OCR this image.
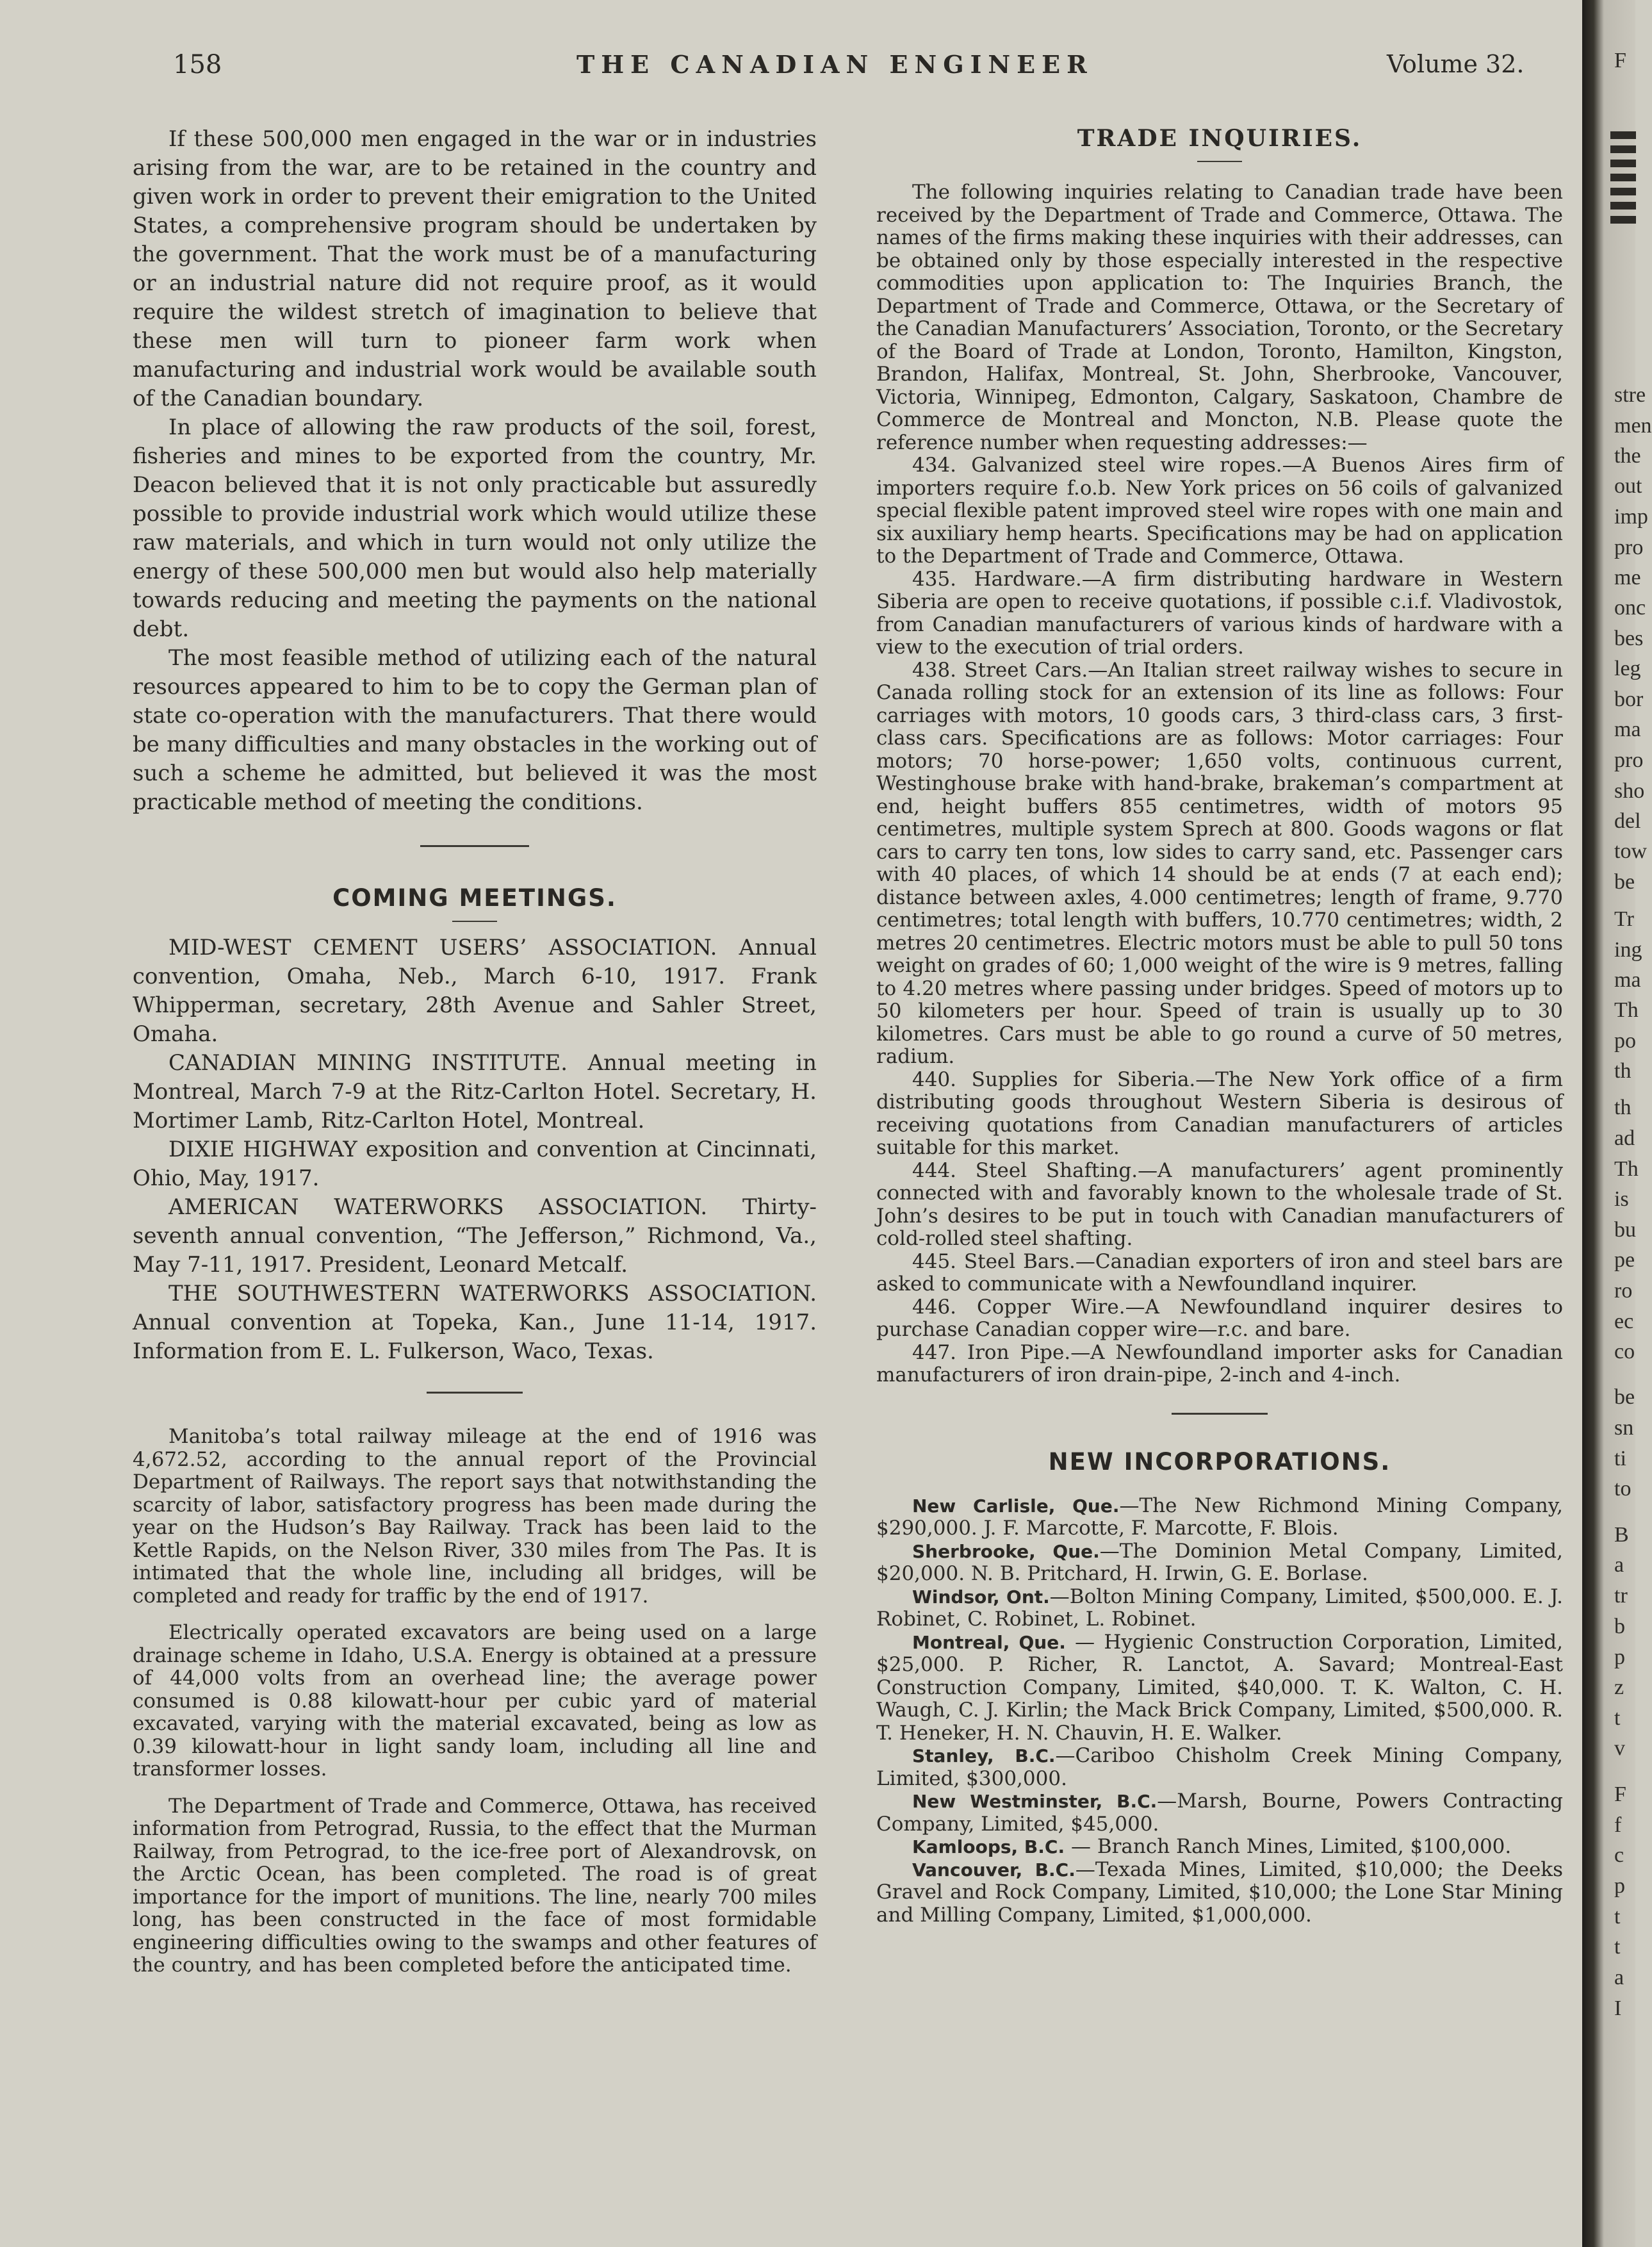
158	THE CANADIAN ENGINEER	Volume 32.

If these 500,000 men engaged in the war or in industries arising from the war, are to be retained in the country and given work in order to prevent their emigration to the United States, a comprehensive program should be undertaken by the government. That the work must be of a manufacturing or an industrial nature did not require proof, as it would require the wildest stretch of imagination to believe that these men will turn to pioneer farm work when manufacturing and industrial work would be available south of the Canadian boundary.

In place of allowing the raw products of the soil, forest, fisheries and mines to be exported from the country, Mr. Deacon believed that it is not only practicable but assuredly possible to provide industrial work which would utilize these raw materials, and which in turn would not only utilize the energy of these 500,000 men but would also help materially towards reducing and meeting the payments on the national debt.

The most feasible method of utilizing each of the natural resources appeared to him to be to copy the German plan of state co-operation with the manufacturers. That there would be many difficulties and many obstacles in the working out of such a scheme he admitted, but believed it was the most practicable method of meeting the conditions.

COMING MEETINGS.

MID-WEST CEMENT USERS’ ASSOCIATION. Annual convention, Omaha, Neb., March 6-10, 1917. Frank Whipperman, secretary, 28th Avenue and Sahler Street, Omaha.

CANADIAN MINING INSTITUTE. Annual meeting in Montreal, March 7-9 at the Ritz-Carlton Hotel. Secretary, H. Mortimer Lamb, Ritz-Carlton Hotel, Montreal.

DIXIE HIGHWAY exposition and convention at Cincinnati, Ohio, May, 1917.

AMERICAN WATERWORKS ASSOCIATION. Thirty-seventh annual convention, “The Jefferson,” Richmond, Va., May 7-11, 1917. President, Leonard Metcalf.

THE SOUTHWESTERN WATERWORKS ASSOCIATION. Annual convention at Topeka, Kan., June 11-14, 1917. Information from E. L. Fulkerson, Waco, Texas.

Manitoba’s total railway mileage at the end of 1916 was 4,672.52, according to the annual report of the Provincial Department of Railways. The report says that notwithstanding the scarcity of labor, satisfactory progress has been made during the year on the Hudson’s Bay Railway. Track has been laid to the Kettle Rapids, on the Nelson River, 330 miles from The Pas. It is intimated that the whole line, including all bridges, will be completed and ready for traffic by the end of 1917.

Electrically operated excavators are being used on a large drainage scheme in Idaho, U.S.A. Energy is obtained at a pressure of 44,000 volts from an overhead line; the average power consumed is 0.88 kilowatt-hour per cubic yard of material excavated, varying with the material excavated, being as low as 0.39 kilowatt-hour in light sandy loam, including all line and transformer losses.

The Department of Trade and Commerce, Ottawa, has received information from Petrograd, Russia, to the effect that the Murman Railway, from Petrograd, to the ice-free port of Alexandrovsk, on the Arctic Ocean, has been completed. The road is of great importance for the import of munitions. The line, nearly 700 miles long, has been constructed in the face of most formidable engineering difficulties owing to the swamps and other features of the country, and has been completed before the anticipated time.

TRADE INQUIRIES.

The following inquiries relating to Canadian trade have been received by the Department of Trade and Commerce, Ottawa. The names of the firms making these inquiries with their addresses, can be obtained only by those especially interested in the respective commodities upon application to: The Inquiries Branch, the Department of Trade and Commerce, Ottawa, or the Secretary of the Canadian Manufacturers’ Association, Toronto, or the Secretary of the Board of Trade at London, Toronto, Hamilton, Kingston, Brandon, Halifax, Montreal, St. John, Sherbrooke, Vancouver, Victoria, Winnipeg, Edmonton, Calgary, Saskatoon, Chambre de Commerce de Montreal and Moncton, N.B. Please quote the reference number when requesting addresses:—

434. Galvanized steel wire ropes.—A Buenos Aires firm of importers require f.o.b. New York prices on 56 coils of galvanized special flexible patent improved steel wire ropes with one main and six auxiliary hemp hearts. Specifications may be had on application to the Department of Trade and Commerce, Ottawa.

435. Hardware.—A firm distributing hardware in Western Siberia are open to receive quotations, if possible c.i.f. Vladivostok, from Canadian manufacturers of various kinds of hardware with a view to the execution of trial orders.

438. Street Cars.—An Italian street railway wishes to secure in Canada rolling stock for an extension of its line as follows: Four carriages with motors, 10 goods cars, 3 third-class cars, 3 first-class cars. Specifications are as follows: Motor carriages: Four motors; 70 horse-power; 1,650 volts, continuous current, Westinghouse brake with hand-brake, brakeman’s compartment at end, height buffers 855 centimetres, width of motors 95 centimetres, multiple system Sprech at 800. Goods wagons or flat cars to carry ten tons, low sides to carry sand, etc. Passenger cars with 40 places, of which 14 should be at ends (7 at each end); distance between axles, 4.000 centimetres; length of frame, 9.770 centimetres; total length with buffers, 10.770 centimetres; width, 2 metres 20 centimetres. Electric motors must be able to pull 50 tons weight on grades of 60; 1,000 weight of the wire is 9 metres, falling to 4.20 metres where passing under bridges. Speed of motors up to 50 kilometers per hour. Speed of train is usually up to 30 kilometres. Cars must be able to go round a curve of 50 metres, radium.

440. Supplies for Siberia.—The New York office of a firm distributing goods throughout Western Siberia is desirous of receiving quotations from Canadian manufacturers of articles suitable for this market.

444. Steel Shafting.—A manufacturers’ agent prominently connected with and favorably known to the wholesale trade of St. John’s desires to be put in touch with Canadian manufacturers of cold-rolled steel shafting.

445. Steel Bars.—Canadian exporters of iron and steel bars are asked to communicate with a Newfoundland inquirer.

446. Copper Wire.—A Newfoundland inquirer desires to purchase Canadian copper wire—r.c. and bare.

447. Iron Pipe.—A Newfoundland importer asks for Canadian manufacturers of iron drain-pipe, 2-inch and 4-inch.

NEW INCORPORATIONS.

New Carlisle, Que.—The New Richmond Mining Company, $290,000. J. F. Marcotte, F. Marcotte, F. Blois.

Sherbrooke, Que.—The Dominion Metal Company, Limited, $20,000. N. B. Pritchard, H. Irwin, G. E. Borlase.

Windsor, Ont.—Bolton Mining Company, Limited, $500,000. E. J. Robinet, C. Robinet, L. Robinet.

Montreal, Que. — Hygienic Construction Corporation, Limited, $25,000. P. Richer, R. Lanctot, A. Savard; Montreal-East Construction Company, Limited, $40,000. T. K. Walton, C. H. Waugh, C. J. Kirlin; the Mack Brick Company, Limited, $500,000. R. T. Heneker, H. N. Chauvin, H. E. Walker.

Stanley, B.C.—Cariboo Chisholm Creek Mining Company, Limited, $300,000.

New Westminster, B.C.—Marsh, Bourne, Powers Contracting Company, Limited, $45,000.

Kamloops, B.C. — Branch Ranch Mines, Limited, $100,000.

Vancouver, B.C.—Texada Mines, Limited, $10,000; the Deeks Gravel and Rock Company, Limited, $10,000; the Lone Star Mining and Milling Company, Limited, $1,000,000.

F
stre
men
the
out
imp
pro
me
onc
bes
leg
bor
ma
pro
sho
del
tow
be
Tr
ing
ma
Th
po
th
th
ad
Th
is
bu
pe
ro
ec
co
be
sn
ti
to
B
a
tr
b
p
z
t
v
F
f
c
p
t
t
a
I
